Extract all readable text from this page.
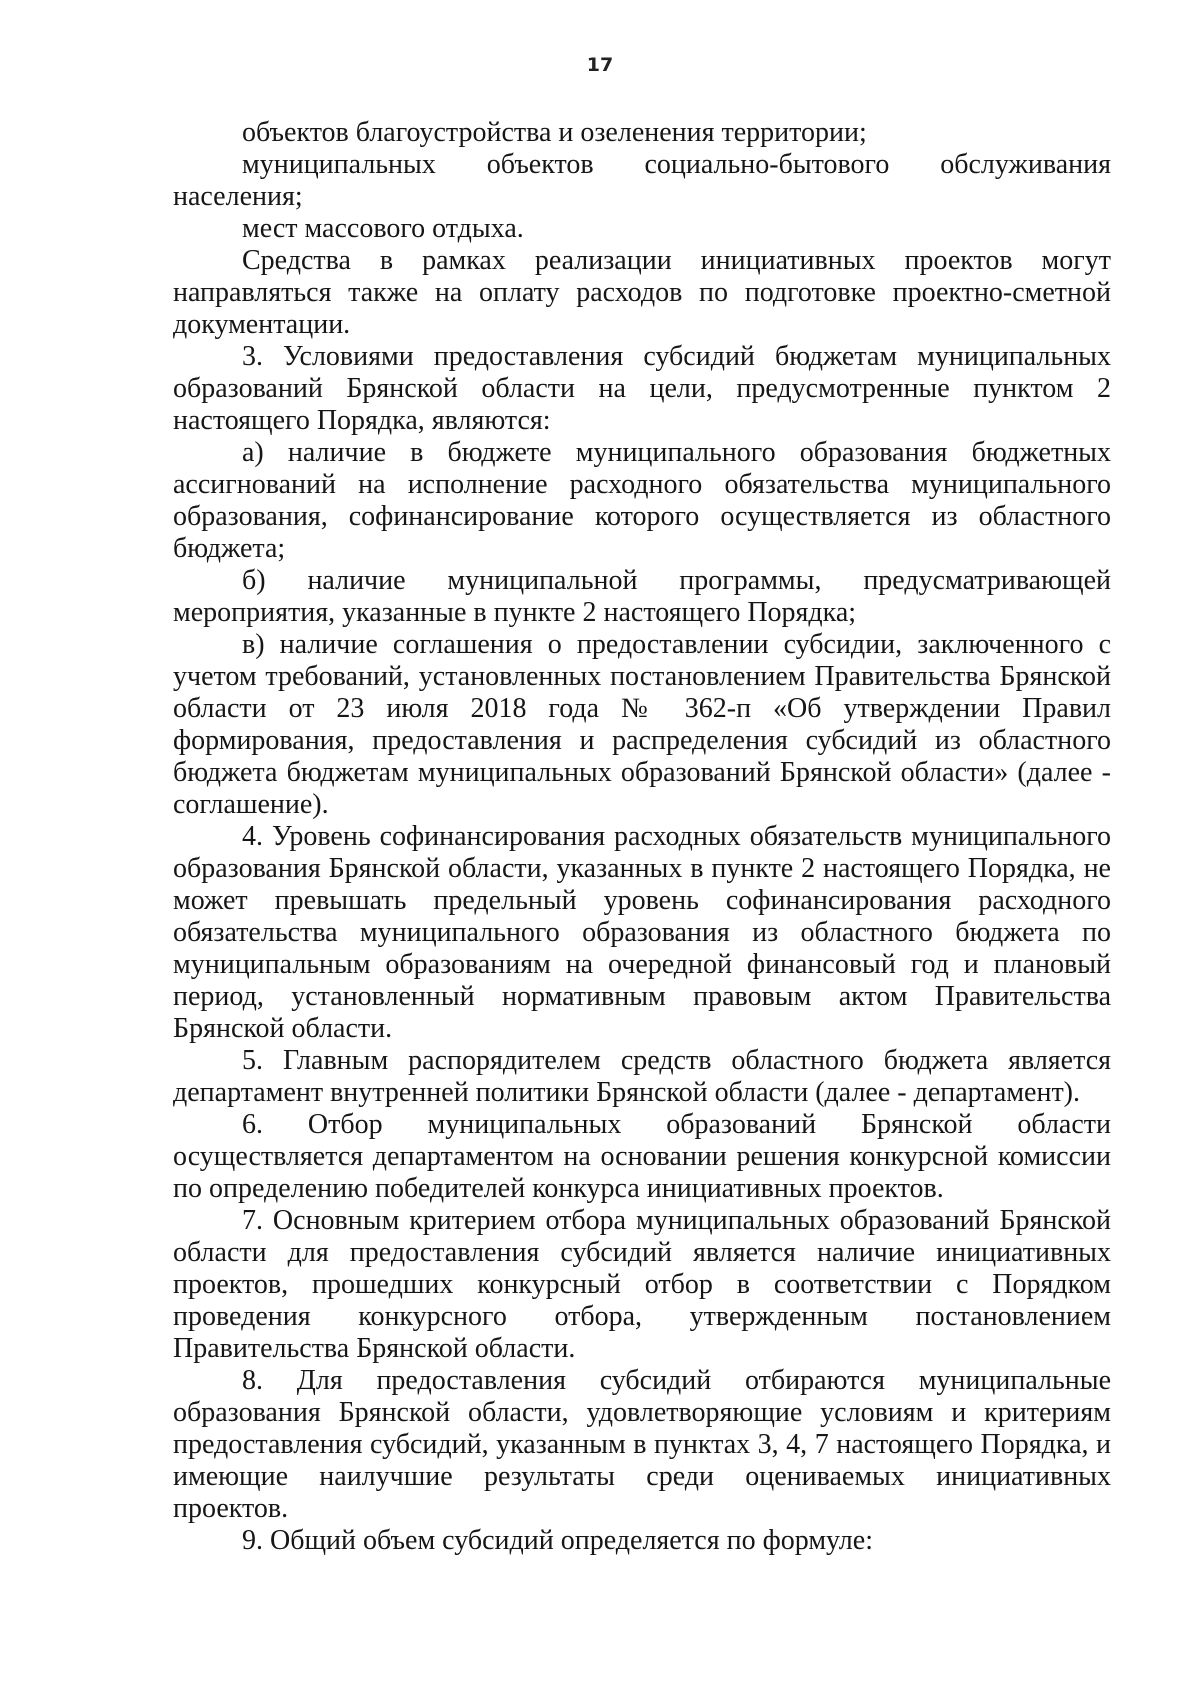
17

объектов благоустройства и озеленения территории;

муниципальных объектов социально-бытового обслуживания населения;

мест массового отдыха.

Средства в рамках реализации инициативных проектов могут направляться также на оплату расходов по подготовке проектно-сметной документации.

3. Условиями предоставления субсидий бюджетам муниципальных образований Брянской области на цели, предусмотренные пунктом 2 настоящего Порядка, являются:

а) наличие в бюджете муниципального образования бюджетных ассигнований на исполнение расходного обязательства муниципального образования, софинансирование которого осуществляется из областного бюджета;

б) наличие муниципальной программы, предусматривающей мероприятия, указанные в пункте 2 настоящего Порядка;

в) наличие соглашения о предоставлении субсидии, заключенного с учетом требований, установленных постановлением Правительства Брянской области от 23 июля 2018 года № 362-п «Об утверждении Правил формирования, предоставления и распределения субсидий из областного бюджета бюджетам муниципальных образований Брянской области» (далее - соглашение).

4. Уровень софинансирования расходных обязательств муниципального образования Брянской области, указанных в пункте 2 настоящего Порядка, не может превышать предельный уровень софинансирования расходного обязательства муниципального образования из областного бюджета по муниципальным образованиям на очередной финансовый год и плановый период, установленный нормативным правовым актом Правительства Брянской области.

5. Главным распорядителем средств областного бюджета является департамент внутренней политики Брянской области (далее - департамент).

6. Отбор муниципальных образований Брянской области осуществляется департаментом на основании решения конкурсной комиссии по определению победителей конкурса инициативных проектов.

7. Основным критерием отбора муниципальных образований Брянской области для предоставления субсидий является наличие инициативных проектов, прошедших конкурсный отбор в соответствии с Порядком проведения конкурсного отбора, утвержденным постановлением Правительства Брянской области.

8. Для предоставления субсидий отбираются муниципальные образования Брянской области, удовлетворяющие условиям и критериям предоставления субсидий, указанным в пунктах 3, 4, 7 настоящего Порядка, и имеющие наилучшие результаты среди оцениваемых инициативных проектов.

9. Общий объем субсидий определяется по формуле:
